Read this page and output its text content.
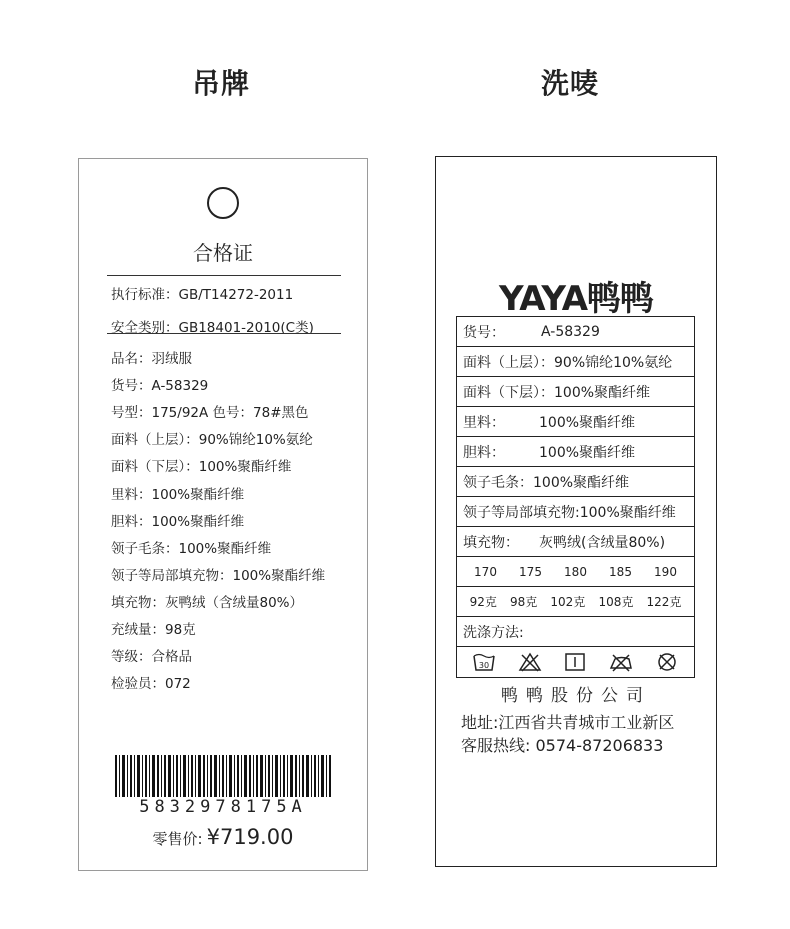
吊牌	洗唛
合格证
执行标准：GB/T14272-2011
安全类别：GB18401-2010(C类)
品名：羽绒服
货号：A-58329
号型：175/92A 色号：78#黑色
面料（上层）：90%锦纶10%氨纶
面料（下层）：100%聚酯纤维
里料：100%聚酯纤维
胆料：100%聚酯纤维
领子毛条：100%聚酯纤维
领子等局部填充物：100%聚酯纤维
填充物：灰鸭绒（含绒量80%）
充绒量：98克
等级：合格品
检验员：072
5832978175A
零售价: ¥719.00
YAYA鸭鸭
货号：	A-58329
面料（上层）： 90%锦纶10%氨纶
面料（下层）： 100%聚酯纤维
里料：	100%聚酯纤维
胆料：	100%聚酯纤维
领子毛条： 100%聚酯纤维
领子等局部填充物: 100%聚酯纤维
填充物：	灰鸭绒(含绒量80%)
170 175 180 185 190
92克 98克 102克 108克 122克
洗涤方法:
30
鸭鸭股份公司
地址:江西省共青城市工业新区
客服热线: 0574-87206833
